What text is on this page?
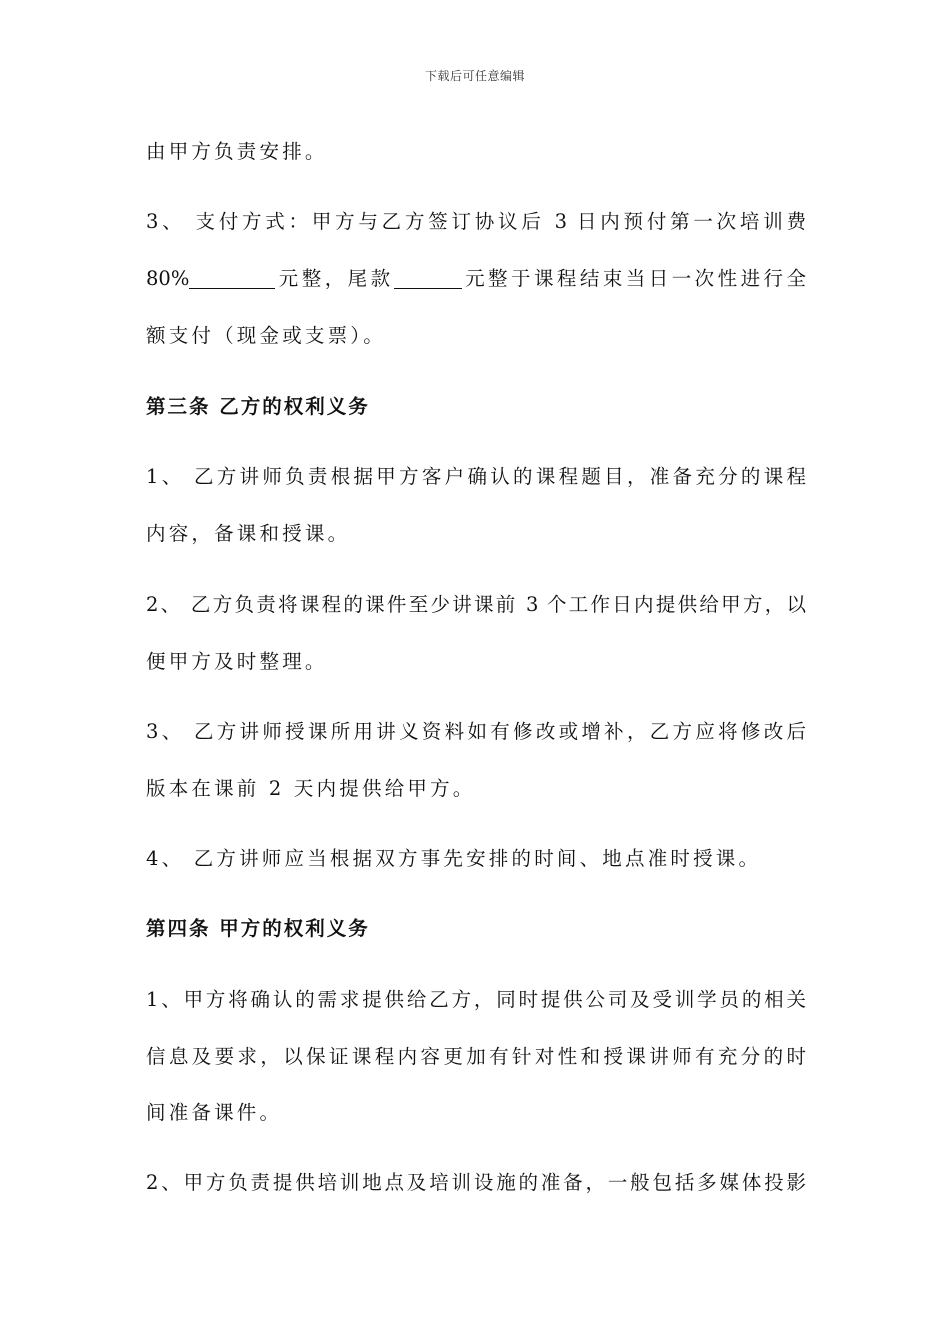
下载后可任意编辑
由甲方负责安排。
3、 支付方式：甲方与乙方签订协议后 3 日内预付第一次培训费
80%	元整，尾款	元整于课程结束当日一次性进行全
额支付（现金或支票）。
第三条 乙方的权利义务
1、 乙方讲师负责根据甲方客户确认的课程题目，准备充分的课程
内容，备课和授课。
2、 乙方负责将课程的课件至少讲课前 3 个工作日内提供给甲方，以
便甲方及时整理。
3、 乙方讲师授课所用讲义资料如有修改或增补，乙方应将修改后
版本在课前 2 天内提供给甲方。
4、 乙方讲师应当根据双方事先安排的时间、地点准时授课。
第四条 甲方的权利义务
1、甲方将确认的需求提供给乙方，同时提供公司及受训学员的相关
信息及要求，以保证课程内容更加有针对性和授课讲师有充分的时
间准备课件。
2、甲方负责提供培训地点及培训设施的准备，一般包括多媒体投影
